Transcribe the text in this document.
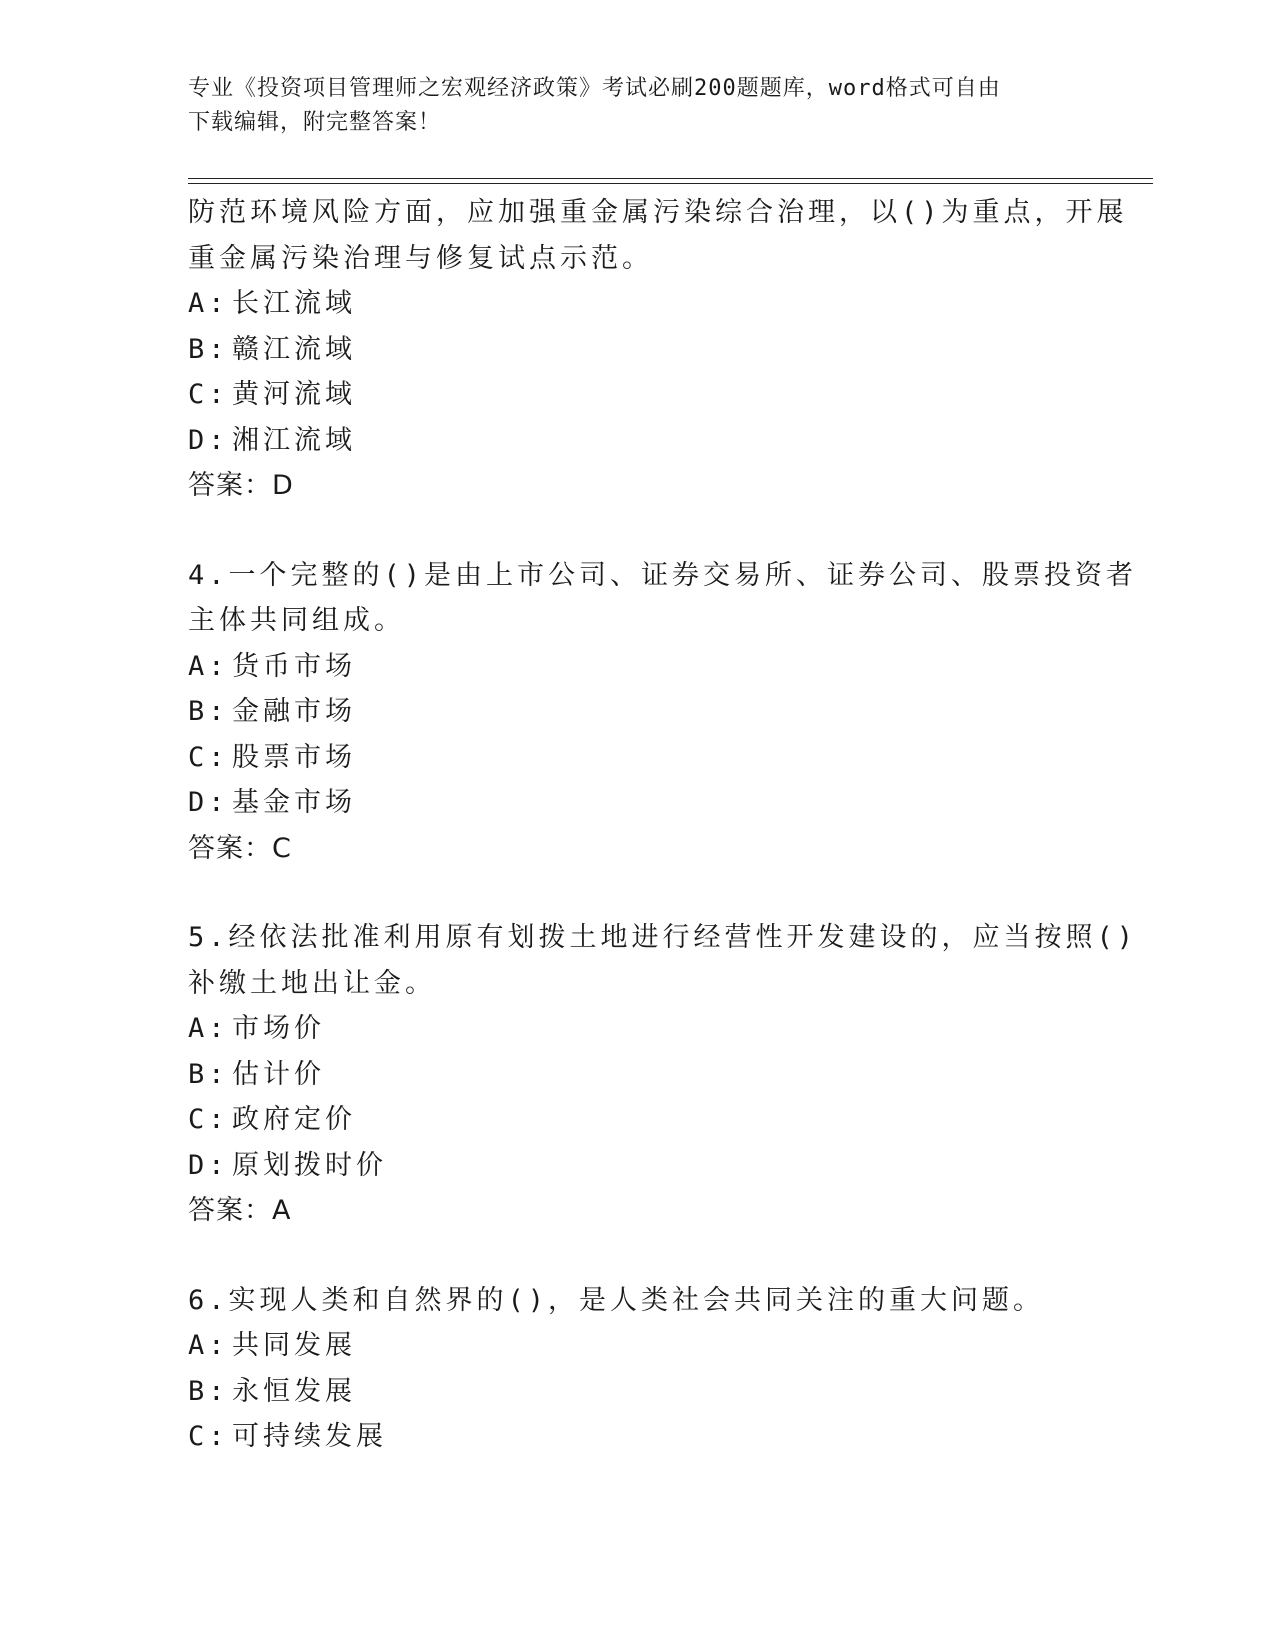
专业《投资项目管理师之宏观经济政策》考试必刷200题题库，word格式可自由
下载编辑，附完整答案！
防范环境风险方面，应加强重金属污染综合治理，以()为重点，开展
重金属污染治理与修复试点示范。
A: 长江流域
B: 赣江流域
C: 黄河流域
D: 湘江流域
答案：D
4.一个完整的()是由上市公司、证券交易所、证券公司、股票投资者
主体共同组成。
A: 货币市场
B: 金融市场
C: 股票市场
D: 基金市场
答案：C
5.经依法批准利用原有划拨土地进行经营性开发建设的，应当按照()
补缴土地出让金。
A: 市场价
B: 估计价
C: 政府定价
D: 原划拨时价
答案：A
6.实现人类和自然界的()，是人类社会共同关注的重大问题。
A: 共同发展
B: 永恒发展
C: 可持续发展
